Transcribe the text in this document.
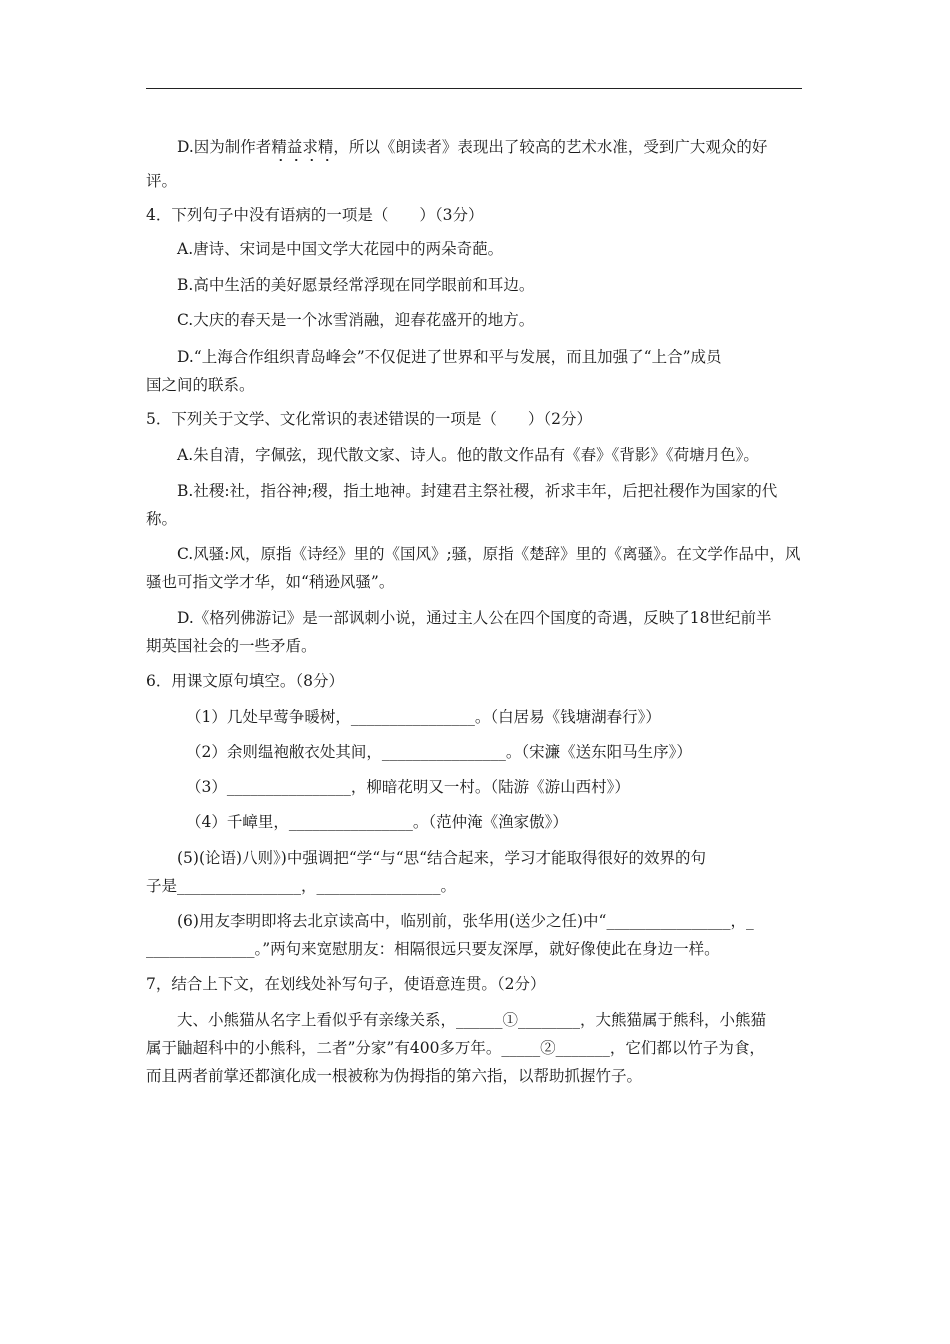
D.因为制作者精益求精，所以《朗读者》表现出了较高的艺术水准，受到广大观众的好
评。

4．下列句子中没有语病的一项是（　　）（3分）

A.唐诗、宋词是中国文学大花园中的两朵奇葩。

B.高中生活的美好愿景经常浮现在同学眼前和耳边。

C.大庆的春天是一个冰雪消融，迎春花盛开的地方。

D.“上海合作组织青岛峰会”不仅促进了世界和平与发展，而且加强了“上合”成员

国之间的联系。

5．下列关于文学、文化常识的表述错误的一项是（　　）（2分）

A.朱自清，字佩弦，现代散文家、诗人。他的散文作品有《春》《背影》《荷塘月色》。

B.社稷:社，指谷神;稷，指土地神。封建君主祭社稷，祈求丰年，后把社稷作为国家的代

称。

C.风骚:风，原指《诗经》里的《国风》;骚，原指《楚辞》里的《离骚》。在文学作品中，风

骚也可指文学才华，如“稍逊风骚”。

D.《格列佛游记》是一部讽刺小说，通过主人公在四个国度的奇遇，反映了18世纪前半

期英国社会的一些矛盾。

6．用课文原句填空。（8分）

（1）几处早莺争暖树，________________。（白居易《钱塘湖春行》）

（2）余则缊袍敝衣处其间，________________。（宋濂《送东阳马生序》）

（3）________________，柳暗花明又一村。（陆游《游山西村》）

（4）千嶂里，________________。（范仲淹《渔家傲》）

(5)(论语)八则》)中强调把“学“与“思“结合起来，学习才能取得很好的效界的句

子是________________，________________。

(6)用友李明即将去北京读高中，临别前，张华用(送少之任)中“________________，_

______________。”两句来宽慰朋友：相隔很远只要友深厚，就好像使此在身边一样。

7，结合上下文，在划线处补写句子，使语意连贯。（2分）

大、小熊猫从名字上看似乎有亲缘关系，______①________，大熊猫属于熊科，小熊猫

属于鼬超科中的小熊科，二者”分家”有400多万年。_____②_______，它们都以竹子为食，

而且两者前掌还都演化成一根被称为伪拇指的第六指，以帮助抓握竹子。
